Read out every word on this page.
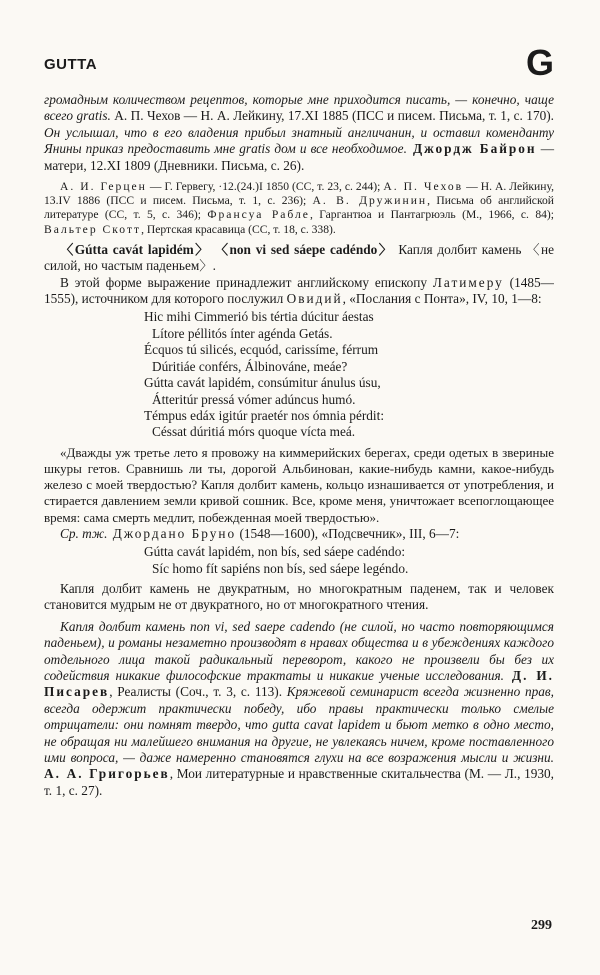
GUTTA	G

громадным количеством рецептов, которые мне приходится писать, — конечно, чаще всего gratis. А. П. Чехов — Н. А. Лейкину, 17.XI 1885 (ПСС и писем. Письма, т. 1, с. 170). Он услышал, что в его владения прибыл знатный англичанин, и оставил коменданту Янины приказ предоставить мне gratis дом и все необходимое. Джордж Байрон — матери, 12.XI 1809 (Дневники. Письма, с. 26).

А. И. Герцен — Г. Гервегу, ·12.(24.)I 1850 (СС, т. 23, с. 244); А. П. Чехов — Н. А. Лейкину, 13.IV 1886 (ПСС и писем. Письма, т. 1, с. 236); А. В. Дружинин, Письма об английской литературе (СС, т. 5, с. 346); Франсуа Рабле, Гаргантюа и Пантагрюэль (М., 1966, с. 84); Вальтер Скотт, Пертская красавица (СС, т. 18, с. 338).

〈Gútta cavát lapidém〉 〈non vi sed sáepe cadéndo〉 Капля долбит камень 〈не силой, но частым паденьем〉.

В этой форме выражение принадлежит английскому епископу Латимеру (1485—1555), источником для которого послужил Овидий, «Послания с Понта», IV, 10, 1—8:

Hic mihi Cimmerió bis tértia dúcitur áestas
Lítore péllitós ínter agénda Getás.
Écquos tú silicés, ecquód, carissíme, férrum
Dúritiáe conférs, Álbinováne, meáe?
Gútta cavát lapidém, consúmitur ánulus úsu,
Átteritúr pressá vómer adúncus humó.
Témpus edáx igitúr praetér nos ómnia pérdit:
Céssat dúritiá mórs quoque vícta meá.

«Дважды уж третье лето я провожу на киммерийских берегах, среди одетых в звериные шкуры гетов. Сравнишь ли ты, дорогой Альбинован, какие-нибудь камни, какое-нибудь железо с моей твердостью? Капля долбит камень, кольцо изнашивается от употребления, и стирается давлением земли кривой сошник. Все, кроме меня, уничтожает всепоглощающее время: сама смерть медлит, побежденная моей твердостью».

Ср. тж. Джордано Бруно (1548—1600), «Подсвечник», III, 6—7:

Gútta cavát lapidém, non bís, sed sáepe cadéndo:
Síc homo fít sapiéns non bís, sed sáepe legéndo.

Капля долбит камень не двукратным, но многократным паденем, так и человек становится мудрым не от двукратного, но от многократного чтения.

Капля долбит камень non vi, sed saepe cadendo (не силой, но часто повторяющимся паденьем), и романы незаметно производят в нравах общества и в убеждениях каждого отдельного лица такой радикальный переворот, какого не произвели бы без их содействия никакие философские трактаты и никакие ученые исследования. Д. И. Писарев, Реалисты (Соч., т. 3, с. 113). Кряжевой семинарист всегда жизненно прав, всегда одержит практически победу, ибо правы практически только смелые отрицатели: они помнят твердо, что gutta cavat lapidem и бьют метко в одно место, не обращая ни малейшего внимания на другие, не увлекаясь ничем, кроме поставленного ими вопроса, — даже намеренно становятся глухи на все возражения мысли и жизни. А. А. Григорьев, Мои литературные и нравственные скитальчества (М. — Л., 1930, т. 1, с. 27).

299
